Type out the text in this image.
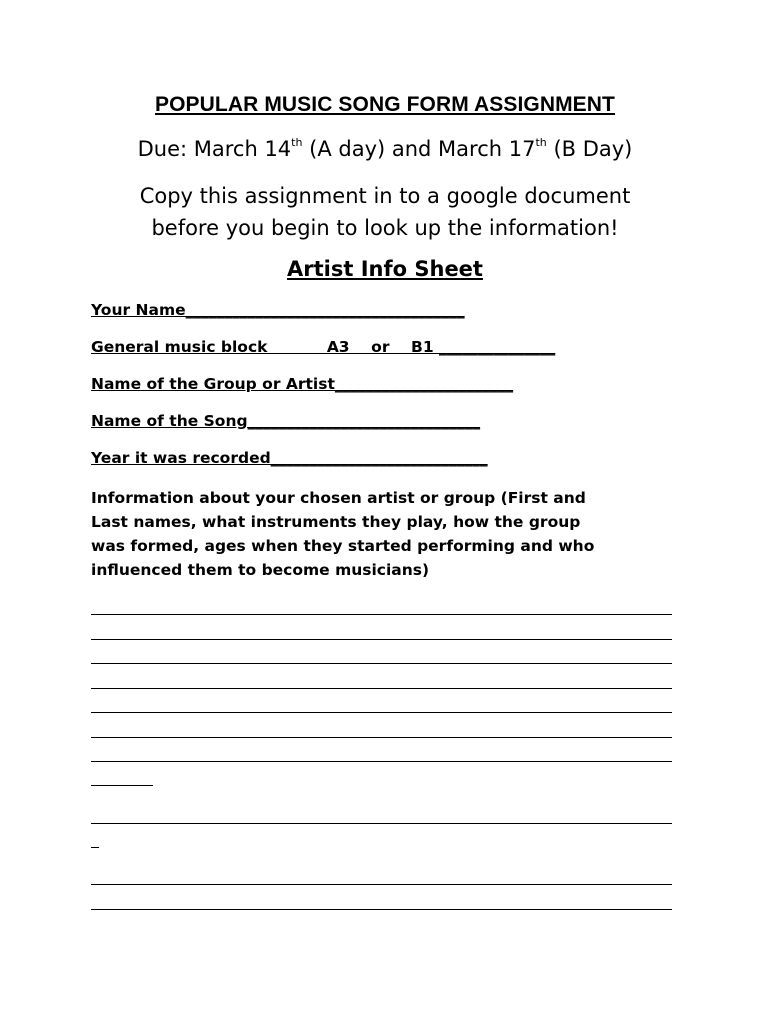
POPULAR MUSIC SONG FORM ASSIGNMENT
Due: March 14th (A day) and March 17th (B Day)
Copy this assignment in to a google document
before you begin to look up the information!
Artist Info Sheet
Your Name____________________________________
General music block           A3    or    B1 _______________
Name of the Group or Artist_______________________
Name of the Song______________________________
Year it was recorded____________________________
Information about your chosen artist or group (First and
Last names, what instruments they play, how the group
was formed, ages when they started performing and who
influenced them to become musicians)
